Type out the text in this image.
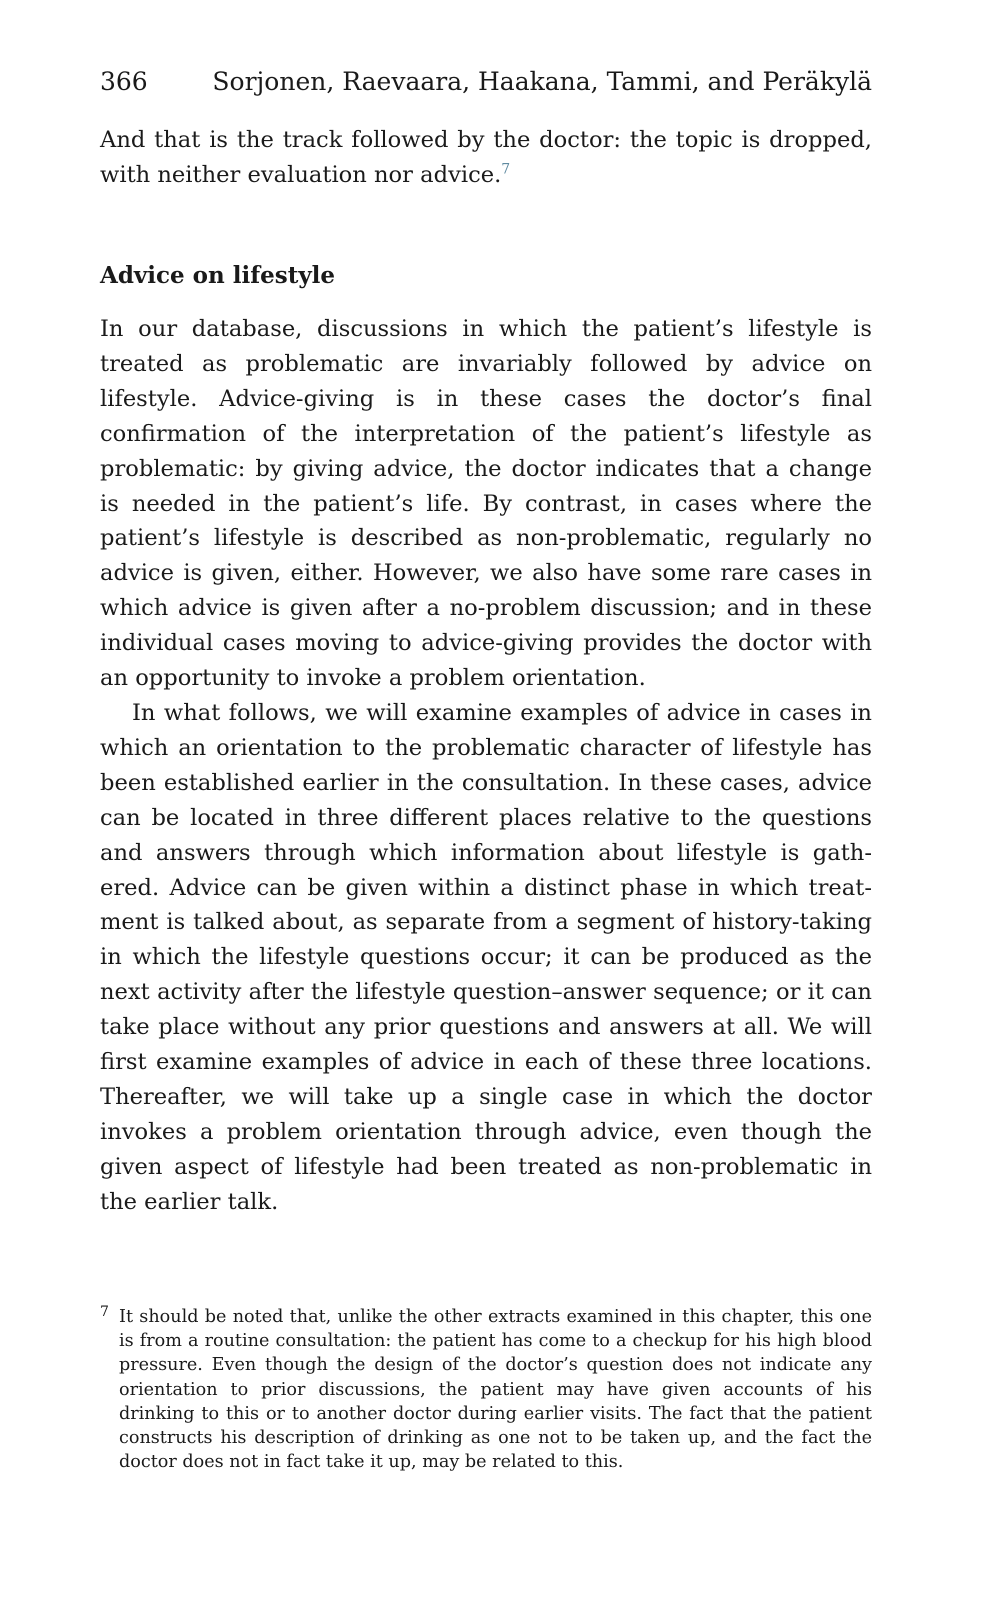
366	Sorjonen, Raevaara, Haakana, Tammi, and Peräkylä

And that is the track followed by the doctor: the topic is dropped, with neither evaluation nor advice.$^7$

Advice on lifestyle

In our database, discussions in which the patient’s lifestyle is treated as problematic are invariably followed by advice on lifestyle. Advice-giving is in these cases the doctor’s final confirmation of the interpretation of the patient’s lifestyle as problematic: by giving advice, the doctor indicates that a change is needed in the patient’s life. By contrast, in cases where the patient’s lifestyle is described as non-problematic, regularly no advice is given, either. However, we also have some rare cases in which advice is given after a no-problem discussion; and in these individual cases moving to advice-giving provides the doctor with an opportunity to invoke a problem orientation.

In what follows, we will examine examples of advice in cases in which an orientation to the problematic character of lifestyle has been established earlier in the consultation. In these cases, advice can be located in three different places relative to the questions and answers through which information about lifestyle is gathered. Advice can be given within a distinct phase in which treatment is talked about, as separate from a segment of history-taking in which the lifestyle questions occur; it can be produced as the next activity after the lifestyle question–answer sequence; or it can take place without any prior questions and answers at all. We will first examine examples of advice in each of these three locations. Thereafter, we will take up a single case in which the doctor invokes a problem orientation through advice, even though the given aspect of lifestyle had been treated as non-problematic in the earlier talk.

7 It should be noted that, unlike the other extracts examined in this chapter, this one is from a routine consultation: the patient has come to a checkup for his high blood pressure. Even though the design of the doctor’s question does not indicate any orientation to prior discussions, the patient may have given accounts of his drinking to this or to another doctor during earlier visits. The fact that the patient constructs his description of drinking as one not to be taken up, and the fact the doctor does not in fact take it up, may be related to this.
